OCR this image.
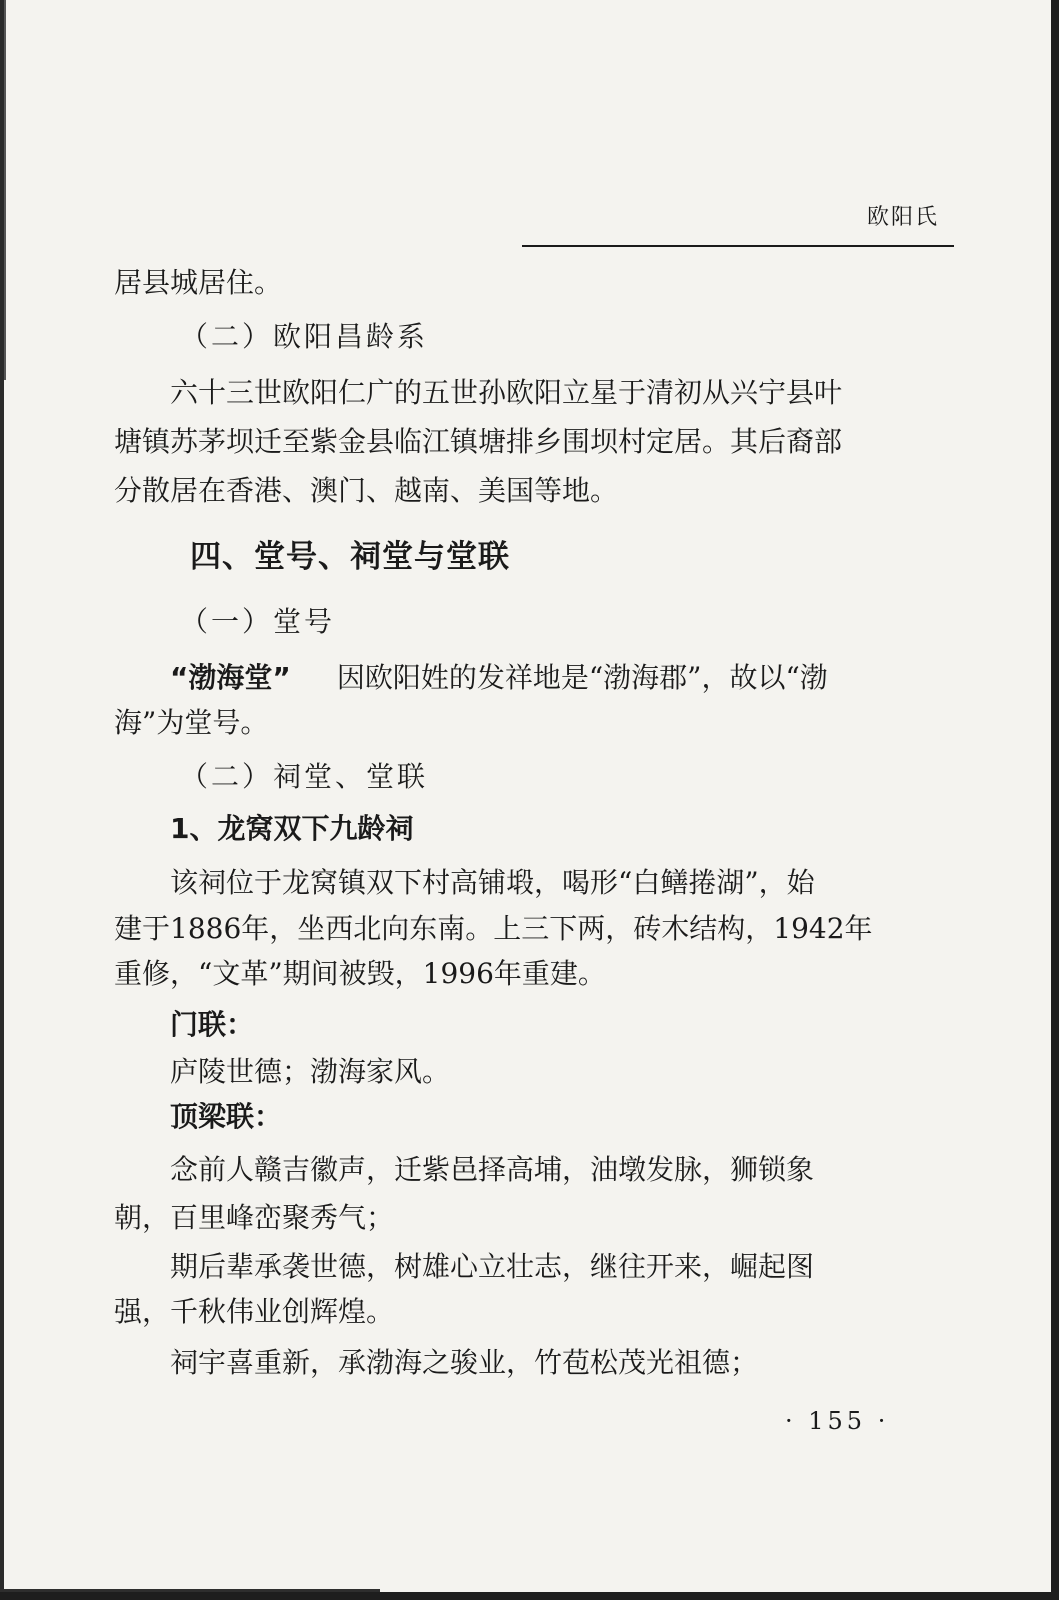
欧阳氏
居县城居住。
（二）欧阳昌龄系
六十三世欧阳仁广的五世孙欧阳立星于清初从兴宁县叶
塘镇苏茅坝迁至紫金县临江镇塘排乡围坝村定居。其后裔部
分散居在香港、澳门、越南、美国等地。
四、堂号、祠堂与堂联
（一）堂号
“渤海堂” 因欧阳姓的发祥地是“渤海郡”，故以“渤
海”为堂号。
（二）祠堂、堂联
1、龙窝双下九龄祠
该祠位于龙窝镇双下村高铺塅，喝形“白鳝捲湖”，始
建于1886年，坐西北向东南。上三下两，砖木结构，1942年
重修，“文革”期间被毁，1996年重建。
门联：
庐陵世德；渤海家风。
顶梁联：
念前人赣吉徽声，迁紫邑择高埔，油墩发脉，狮锁象
朝，百里峰峦聚秀气；
期后辈承袭世德，树雄心立壮志，继往开来，崛起图
强，千秋伟业创辉煌。
祠宇喜重新，承渤海之骏业，竹苞松茂光祖德；
· 155 ·
